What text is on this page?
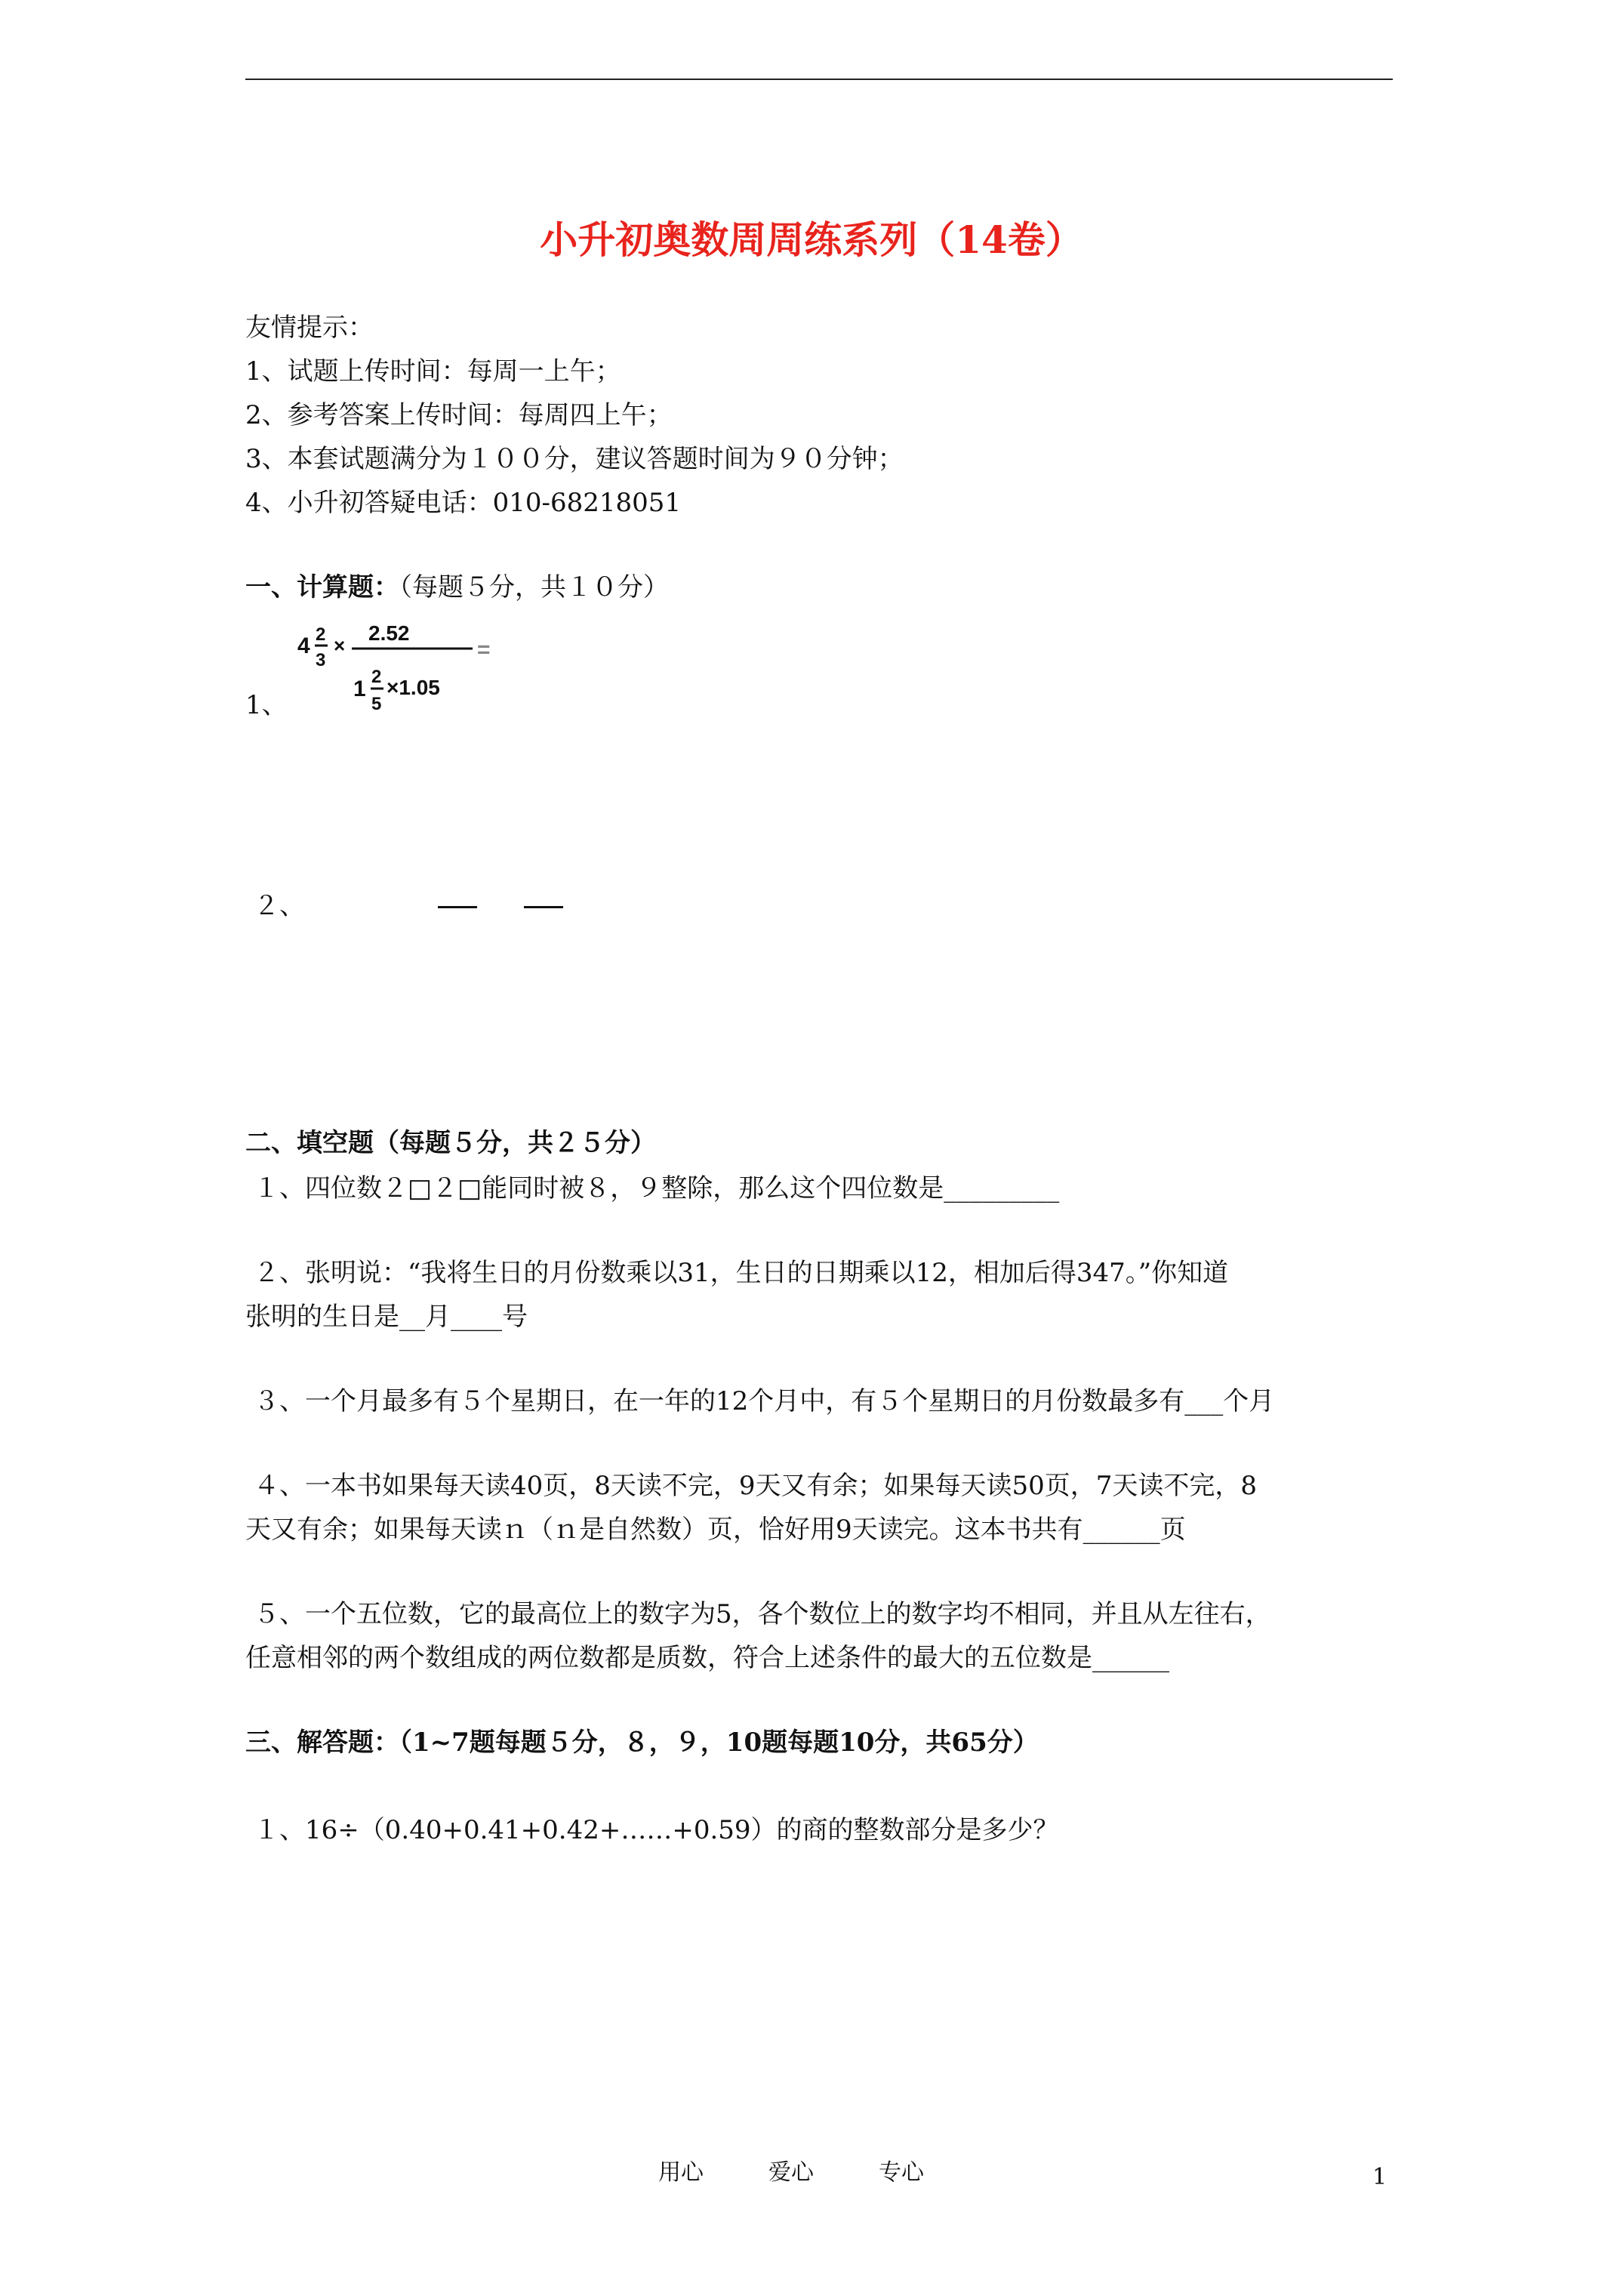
小升初奥数周周练系列（14卷）
友情提示：
1、试题上传时间：每周一上午；
2、参考答案上传时间：每周四上午；
3、本套试题满分为１００分，建议答题时间为９０分钟；
4、小升初答疑电话：010-68218051
一、计算题：（每题５分，共１０分）
4 2
3
×
2.52
1 2
5
×1.05
=
1、
２、
二、填空题（每题５分，共２５分）
１、四位数２□２□能同时被８，９整除，那么这个四位数是_________
２、张明说：“我将生日的月份数乘以31，生日的日期乘以12，相加后得347。”你知道
张明的生日是__月____号
３、一个月最多有５个星期日，在一年的12个月中，有５个星期日的月份数最多有___个月
４、一本书如果每天读40页，8天读不完，9天又有余；如果每天读50页，7天读不完，8
天又有余；如果每天读ｎ（ｎ是自然数）页，恰好用9天读完。这本书共有______页
５、一个五位数，它的最高位上的数字为5，各个数位上的数字均不相同，并且从左往右，
任意相邻的两个数组成的两位数都是质数，符合上述条件的最大的五位数是______
三、解答题：（1~7题每题５分，８，９，10题每题10分，共65分）
１、16÷（0.40+0.41+0.42+……+0.59）的商的整数部分是多少？
用心	爱心	专心	1
